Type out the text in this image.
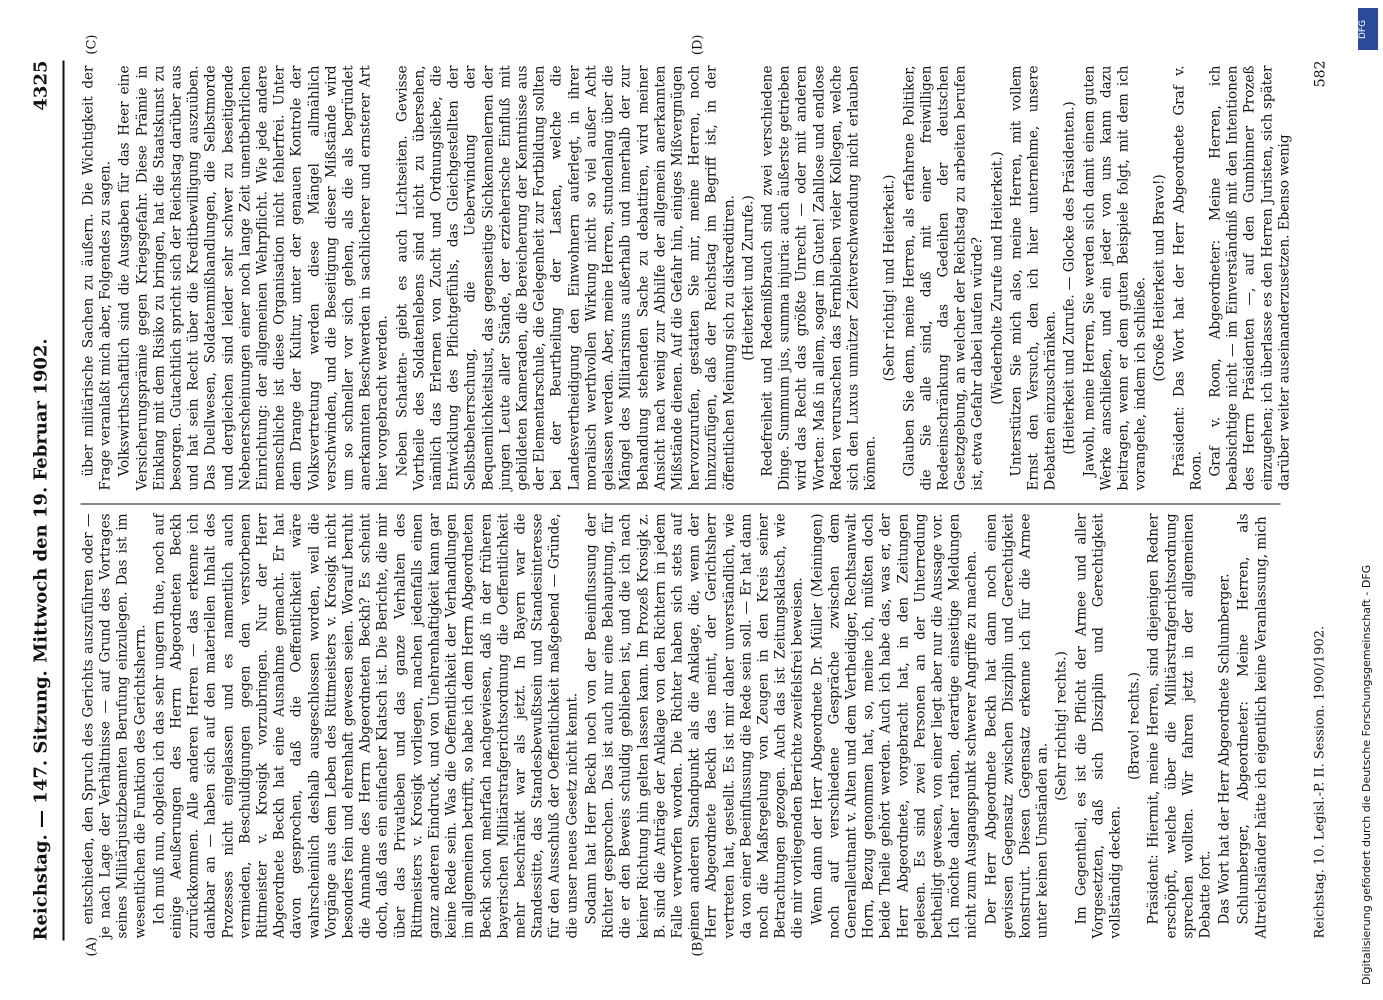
Reichstag. — 147. Sitzung.
Mittwoch den 19. Februar 1902.
4325
(A)	(B)
(C)	(D)

entschieden, den Spruch des Gerichts auszuführen oder — je nach Lage der Verhältnisse — auf Grund des Vortrages seines Militärjustizbeamten Berufung einzulegen. Das ist im wesentlichen die Funktion des Gerichtsherrn. Ich muß nun, obgleich ich das sehr ungern thue, noch auf einige Aeußerungen des Herrn Abgeordneten Beckh zurückkommen. Alle anderen Herren — das erkenne ich dankbar an — haben sich auf den materiellen Inhalt des Prozesses nicht eingelassen und es namentlich auch vermieden, Beschuldigungen gegen den verstorbenen Rittmeister v. Krosigk vorzubringen. Nur der Herr Abgeordnete Beckh hat eine Ausnahme gemacht. Er hat davon gesprochen, daß die Oeffentlichkeit wäre wahrscheinlich deshalb ausgeschlossen worden, weil die Vorgänge aus dem Leben des Rittmeisters v. Krosigk nicht besonders fein und ehrenhaft gewesen seien. Worauf beruht die Annahme des Herrn Abgeordneten Beckh? Es scheint doch, daß das ein einfacher Klatsch ist. Die Berichte, die mir über das Privatleben und das ganze Verhalten des Rittmeisters v. Krosigk vorliegen, machen jedenfalls einen ganz anderen Eindruck, und von Unehrenhaftigkeit kann gar keine Rede sein. Was die Oeffentlichkeit der Verhandlungen im allgemeinen betrifft, so habe ich dem Herrn Abgeordneten Beckh schon mehrfach nachgewiesen, daß in der früheren bayerischen Militärstrafgerichtsordnung die Oeffentlichkeit mehr beschränkt war als jetzt. In Bayern war die Standessitte, das Standesbewußtsein und Standesinteresse für den Ausschluß der Oeffentlichkeit maßgebend — Gründe, die unser neues Gesetz nicht kennt. Sodann hat Herr Beckh noch von der Beeinflussung der Richter gesprochen. Das ist auch nur eine Behauptung, für die er den Beweis schuldig geblieben ist, und die ich nach keiner Richtung hin gelten lassen kann. Im Prozeß Krosigk z. B. sind die Anträge der Anklage von den Richtern in jedem Falle verworfen worden. Die Richter haben sich stets auf einen anderen Standpunkt als die Anklage, die, wenn der Herr Abgeordnete Beckh das meint, der Gerichtsherr vertreten hat, gestellt. Es ist mir daher unverständlich, wie da von einer Beeinflussung die Rede sein soll. — Er hat dann noch die Maßregelung von Zeugen in den Kreis seiner Betrachtungen gezogen. Auch das ist Zeitungsklatsch, wie die mir vorliegenden Berichte zweifelsfrei beweisen. Wenn dann der Herr Abgeordnete Dr. Müller (Meiningen) noch auf verschiedene Gespräche zwischen dem Generalleutnant v. Alten und dem Vertheidiger, Rechtsanwalt Horn, Bezug genommen hat, so, meine ich, müßten doch beide Theile gehört werden. Auch ich habe das, was er, der Herr Abgeordnete, vorgebracht hat, in den Zeitungen gelesen. Es sind zwei Personen an der Unterredung betheiligt gewesen, von einer liegt aber nur die Aussage vor. Ich möchte daher rathen, derartige einseitige Meldungen nicht zum Ausgangspunkt schwerer Angriffe zu machen. Der Herr Abgeordnete Beckh hat dann noch einen gewissen Gegensatz zwischen Disziplin und Gerechtigkeit konstruirt. Diesen Gegensatz erkenne ich für die Armee unter keinen Umständen an.

(Sehr richtig! rechts.) Im Gegentheil, es ist die Pflicht der Armee und aller Vorgesetzten, daß sich Disziplin und Gerechtigkeit vollständig decken.

(Bravo! rechts.) Präsident: Hiermit, meine Herren, sind diejenigen Redner erschöpft, welche über die Militärstrafgerichtsordnung sprechen wollten. Wir fahren jetzt in der allgemeinen Debatte fort. Das Wort hat der Herr Abgeordnete Schlumberger. Schlumberger, Abgeordneter: Meine Herren, als Altreichsländer hätte ich eigentlich keine Veranlassung, mich

über militärische Sachen zu äußern. Die Wichtigkeit der Frage veranlaßt mich aber, Folgendes zu sagen. Volkswirthschaftlich sind die Ausgaben für das Heer eine Versicherungsprämie gegen Kriegsgefahr. Diese Prämie in Einklang mit dem Risiko zu bringen, hat die Staatskunst zu besorgen. Gutachtlich spricht sich der Reichstag darüber aus und hat sein Recht über die Kreditbewilligung auszuüben. Das Duellwesen, Soldatenmißhandlungen, die Selbstmorde und dergleichen sind leider sehr schwer zu beseitigende Nebenerscheinungen einer noch lange Zeit unentbehrlichen Einrichtung: der allgemeinen Wehrpflicht. Wie jede andere menschliche ist diese Organisation nicht fehlerfrei. Unter dem Drange der Kultur, unter der genauen Kontrole der Volksvertretung werden diese Mängel allmählich verschwinden, und die Beseitigung dieser Mißstände wird um so schneller vor sich gehen, als die als begründet anerkannten Beschwerden in sachlicherer und ernsterer Art hier vorgebracht werden. Neben Schatten- giebt es auch Lichtseiten. Gewisse Vortheile des Soldatenlebens sind nicht zu übersehen, nämlich das Erlernen von Zucht und Ordnungsliebe, die Entwicklung des Pflichtgefühls, das Gleichgestellten der Selbstbeherrschung, die Ueberwindung der Bequemlichkeitslust, das gegenseitige Sichkennenlernen der jungen Leute aller Stände, der erzieherische Einfluß mit gebildeten Kameraden, die Bereicherung der Kenntnisse aus der Elementarschule, die Gelegenheit zur Fortbildung sollten bei der Beurtheilung der Lasten, welche die Landesvertheidigung den Einwohnern auferlegt, in ihrer moralisch werthvollen Wirkung nicht so viel außer Acht gelassen werden. Aber, meine Herren, stundenlang über die Mängel des Militarismus außerhalb und innerhalb der zur Behandlung stehenden Sache zu debattiren, wird meiner Ansicht nach wenig zur Abhilfe der allgemein anerkannten Mißstände dienen. Auf die Gefahr hin, einiges Mißvergnügen hervorzurufen, gestatten Sie mir, meine Herren, noch hinzuzufügen, daß der Reichstag im Begriff ist, in der öffentlichen Meinung sich zu diskreditiren. (Heiterkeit und Zurufe.) Redefreiheit und Redemißbrauch sind zwei verschiedene Dinge. Summum jus, summa injuria: auch äußerste getrieben wird das Recht das größte Unrecht — oder mit anderen Worten: Maß in allem, sogar im Guten! Zahllose und endlose Reden verursachen das Fernbleiben vieler Kollegen, welche sich den Luxus unnützer Zeitverschwendung nicht erlauben können.

(Sehr richtig! und Heiterkeit.) Glauben Sie denn, meine Herren, als erfahrene Politiker, die Sie alle sind, daß mit einer freiwilligen Redeeinschränkung das Gedeihen der deutschen Gesetzgebung, an welcher der Reichstag zu arbeiten berufen ist, etwa Gefahr dabei laufen würde? (Wiederholte Zurufe und Heiterkeit.) Unterstützen Sie mich also, meine Herren, mit vollem Ernst den Versuch, den ich hier unternehme, unsere Debatten einzuschränken. (Heiterkeit und Zurufe. — Glocke des Präsidenten.) Jawohl, meine Herren, Sie werden sich damit einem guten Werke anschließen, und ein jeder von uns kann dazu beitragen, wenn er dem guten Beispiele folgt, mit dem ich vorangehe, indem ich schließe. (Große Heiterkeit und Bravo!) Präsident: Das Wort hat der Herr Abgeordnete Graf v. Roon. Graf v. Roon, Abgeordneter: Meine Herren, ich beabsichtige nicht — im Einverständniß mit den Intentionen des Herrn Präsidenten —, auf den Gumbinner Prozeß einzugehen; ich überlasse es den Herren Juristen, sich später darüber weiter auseinanderzusetzen. Ebenso wenig

Reichstag. 10. Legisl.-P. II. Session. 1900/1902.
582
DFG
Digitalisierung gefördert durch die Deutsche Forschungsgemeinschaft - DFG
